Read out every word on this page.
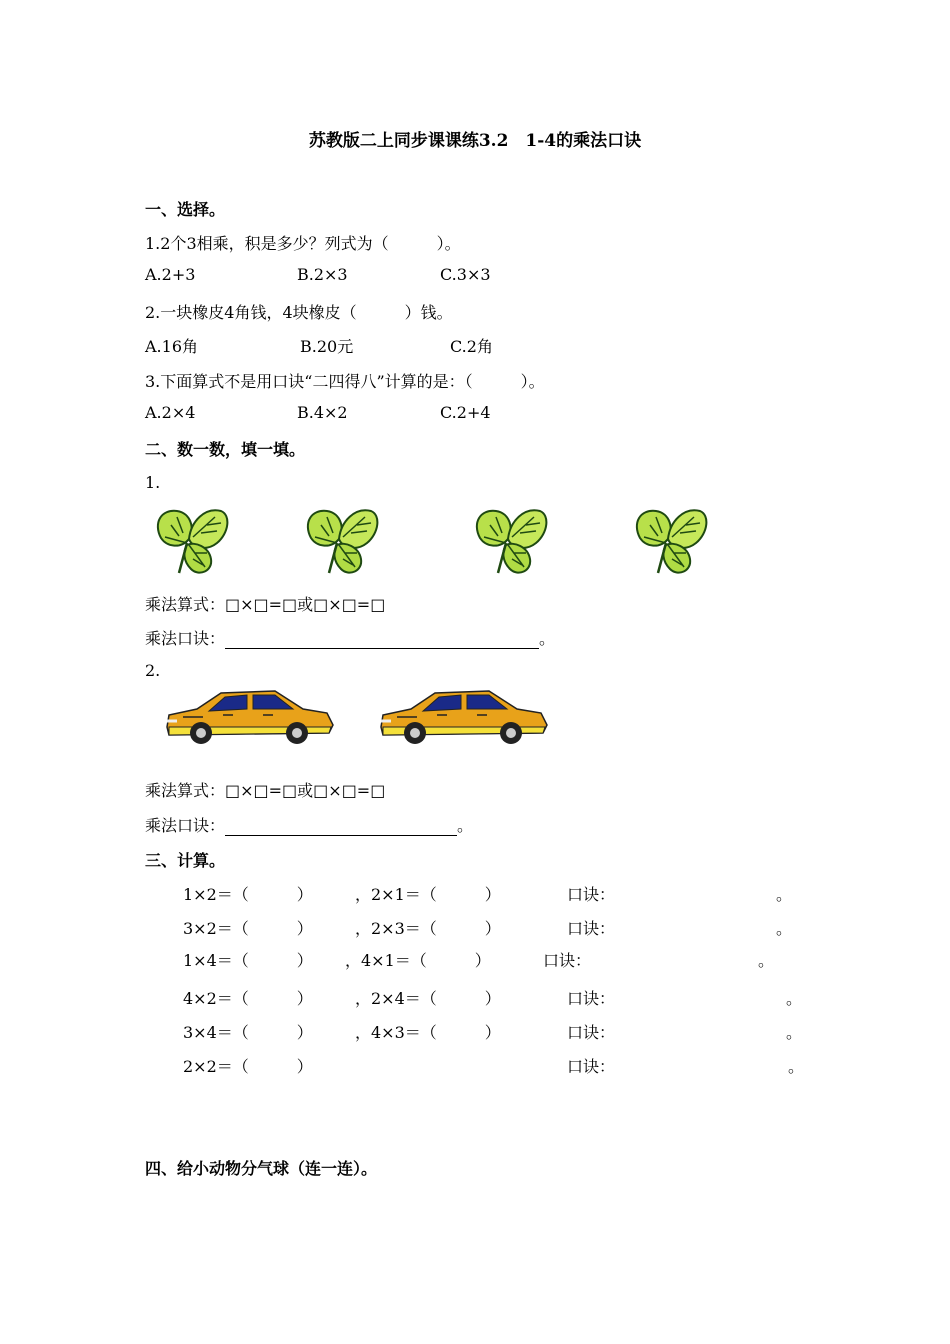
苏教版二上同步课课练3.2　1-4的乘法口诀
一、选择。
1.2个3相乘，积是多少？列式为（　　　）。
A.2+3	B.2×3	C.3×3
2.一块橡皮4角钱，4块橡皮（　　　）钱。
A.16角	B.20元	C.2角
3.下面算式不是用口诀“二四得八”计算的是：（　　　）。
A.2×4	B.4×2	C.2+4
二、数一数，填一填。
1.
乘法算式：□×□=□或□×□=□
乘法口诀：	。
2.
乘法算式：□×□=□或□×□=□
乘法口诀：	。
三、计算。
1×2＝（　　　）	，2×1＝（　　　）	口诀：	。
3×2＝（　　　）	，2×3＝（　　　）	口诀：	。
1×4＝（　　　） ，4×1＝（　　　）	口诀：	。
4×2＝（　　　）	，2×4＝（　　　）	口诀：	。
3×4＝（　　　）	，4×3＝（　　　）	口诀：	。
2×2＝（　　　）	口诀：	。
四、给小动物分气球（连一连）。
